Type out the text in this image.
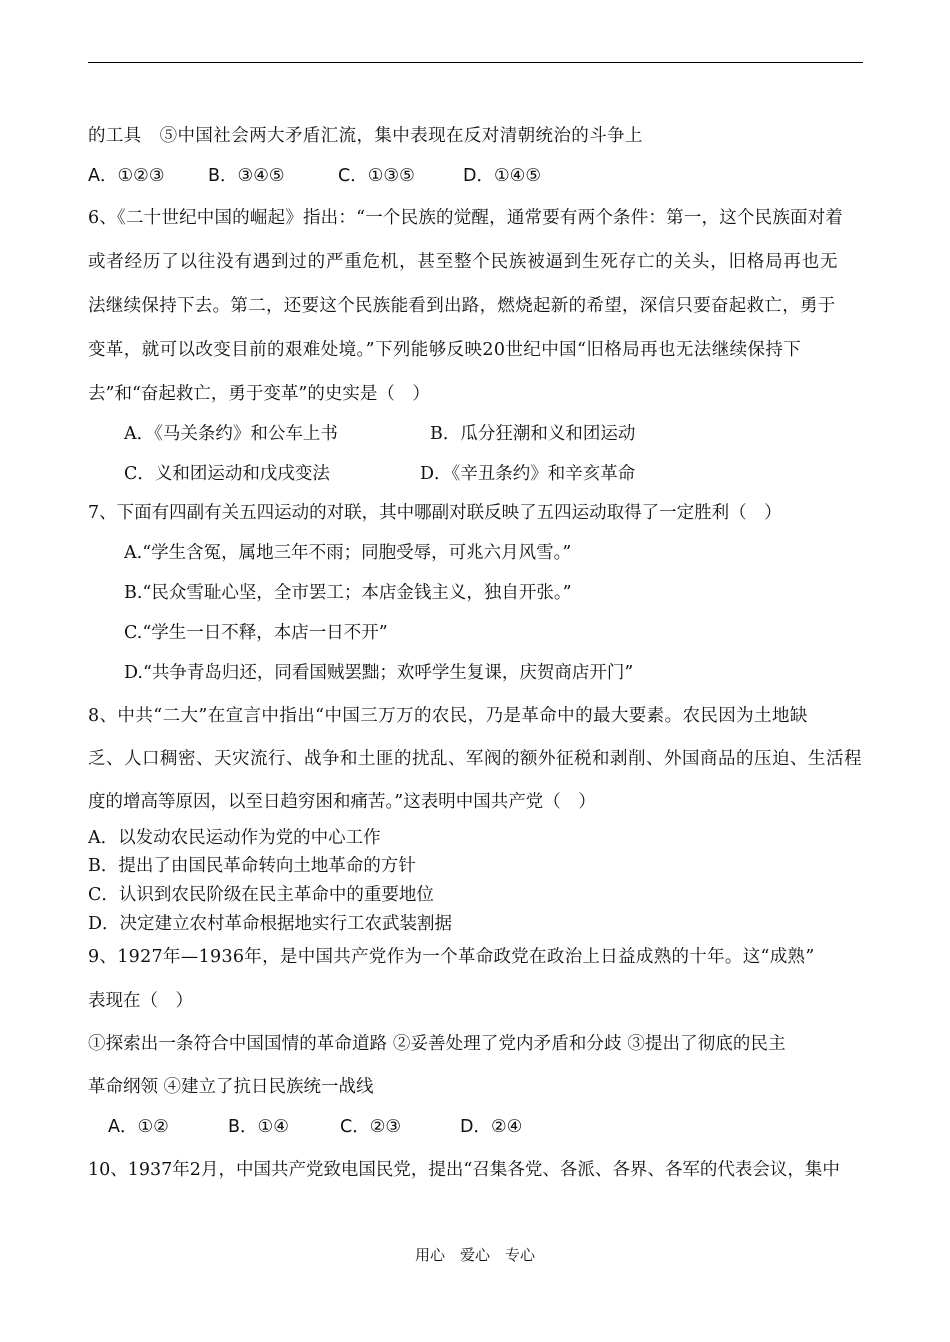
的工具　⑤中国社会两大矛盾汇流，集中表现在反对清朝统治的斗争上
A．①②③ B．③④⑤	C．①③⑤	D．①④⑤
6、《二十世纪中国的崛起》指出：“一个民族的觉醒，通常要有两个条件：第一，这个民族面对着
或者经历了以往没有遇到过的严重危机，甚至整个民族被逼到生死存亡的关头，旧格局再也无
法继续保持下去。第二，还要这个民族能看到出路，燃烧起新的希望，深信只要奋起救亡，勇于
变革，就可以改变目前的艰难处境。”下列能够反映20世纪中国“旧格局再也无法继续保持下
去”和“奋起救亡，勇于变革”的史实是（　）
A．《马关条约》和公车上书	B．瓜分狂潮和义和团运动
C．义和团运动和戊戌变法	D．《辛丑条约》和辛亥革命
7、下面有四副有关五四运动的对联，其中哪副对联反映了五四运动取得了一定胜利（　）
A.“学生含冤，属地三年不雨；同胞受辱，可兆六月风雪。”
B.“民众雪耻心坚，全市罢工；本店金钱主义，独自开张。”
C.“学生一日不释，本店一日不开”
D.“共争青岛归还，同看国贼罢黜；欢呼学生复课，庆贺商店开门”
8、中共“二大”在宣言中指出“中国三万万的农民，乃是革命中的最大要素。农民因为土地缺
乏、人口稠密、天灾流行、战争和土匪的扰乱、军阀的额外征税和剥削、外国商品的压迫、生活程
度的增高等原因，以至日趋穷困和痛苦。”这表明中国共产党（　）
A．以发动农民运动作为党的中心工作
B．提出了由国民革命转向土地革命的方针
C．认识到农民阶级在民主革命中的重要地位
D．决定建立农村革命根据地实行工农武装割据
9、1927年—1936年，是中国共产党作为一个革命政党在政治上日益成熟的十年。这“成熟”
表现在（　）
①探索出一条符合中国国情的革命道路 ②妥善处理了党内矛盾和分歧 ③提出了彻底的民主
革命纲领 ④建立了抗日民族统一战线
A．①②	B．①④	C．②③	D．②④
10、1937年2月，中国共产党致电国民党，提出“召集各党、各派、各界、各军的代表会议，集中
用心　爱心　专心
